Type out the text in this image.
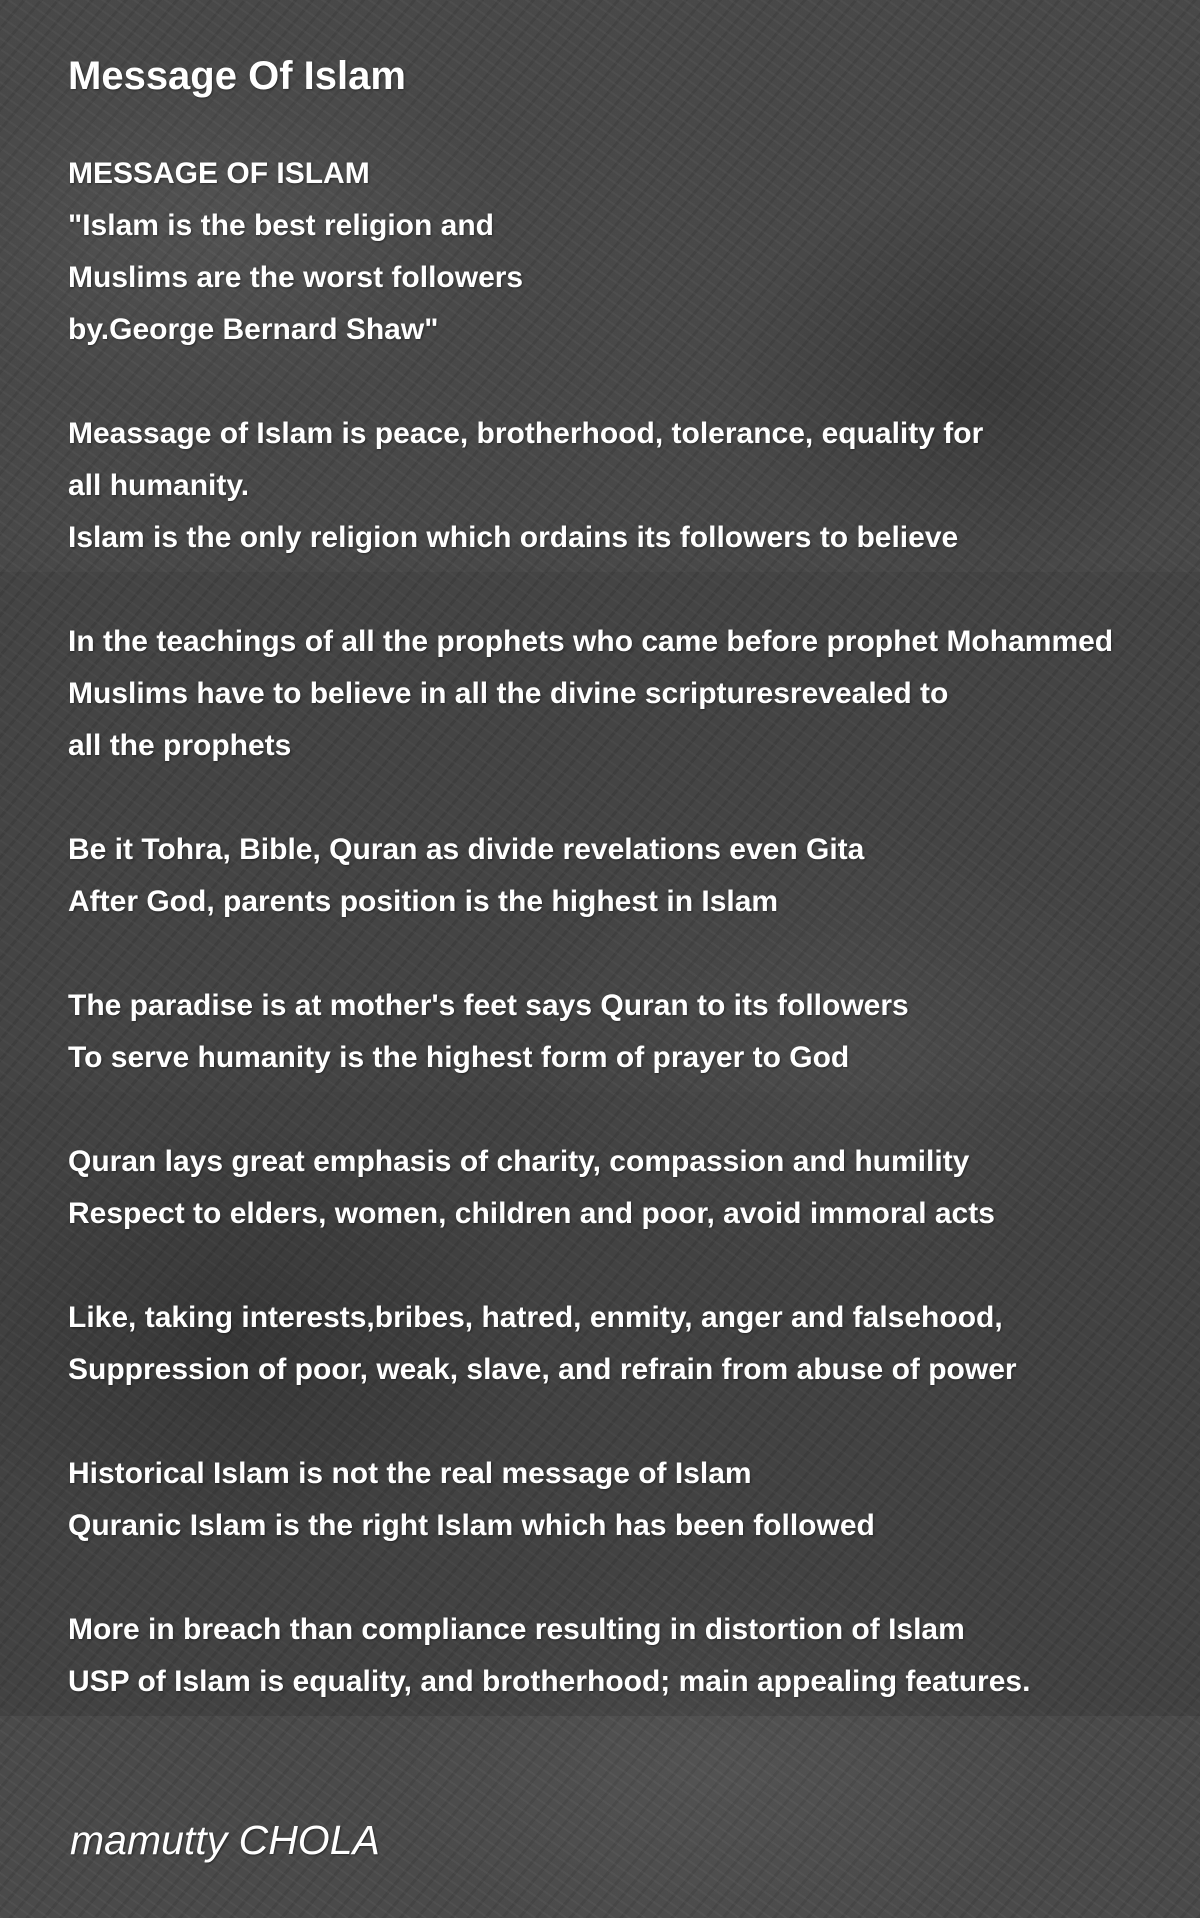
Message Of Islam
MESSAGE OF ISLAM
"Islam is the best religion and
Muslims are the worst followers
by.George Bernard Shaw"
Meassage of Islam is peace, brotherhood, tolerance, equality for
all humanity.
Islam is the only religion which ordains its followers to believe
In the teachings of all the prophets who came before prophet Mohammed
Muslims have to believe in all the divine scripturesrevealed to
all the prophets
Be it Tohra, Bible, Quran as divide revelations even Gita
After God, parents position is the highest in Islam
The paradise is at mother's feet says Quran to its followers
To serve humanity is the highest form of prayer to God
Quran lays great emphasis of charity, compassion and humility
Respect to elders, women, children and poor, avoid immoral acts
Like, taking interests,bribes, hatred, enmity, anger and falsehood,
Suppression of poor, weak, slave, and refrain from abuse of power
Historical Islam is not the real message of Islam
Quranic Islam is the right Islam which has been followed
More in breach than compliance resulting in distortion of Islam
USP of Islam is equality, and brotherhood; main appealing features.
mamutty CHOLA
